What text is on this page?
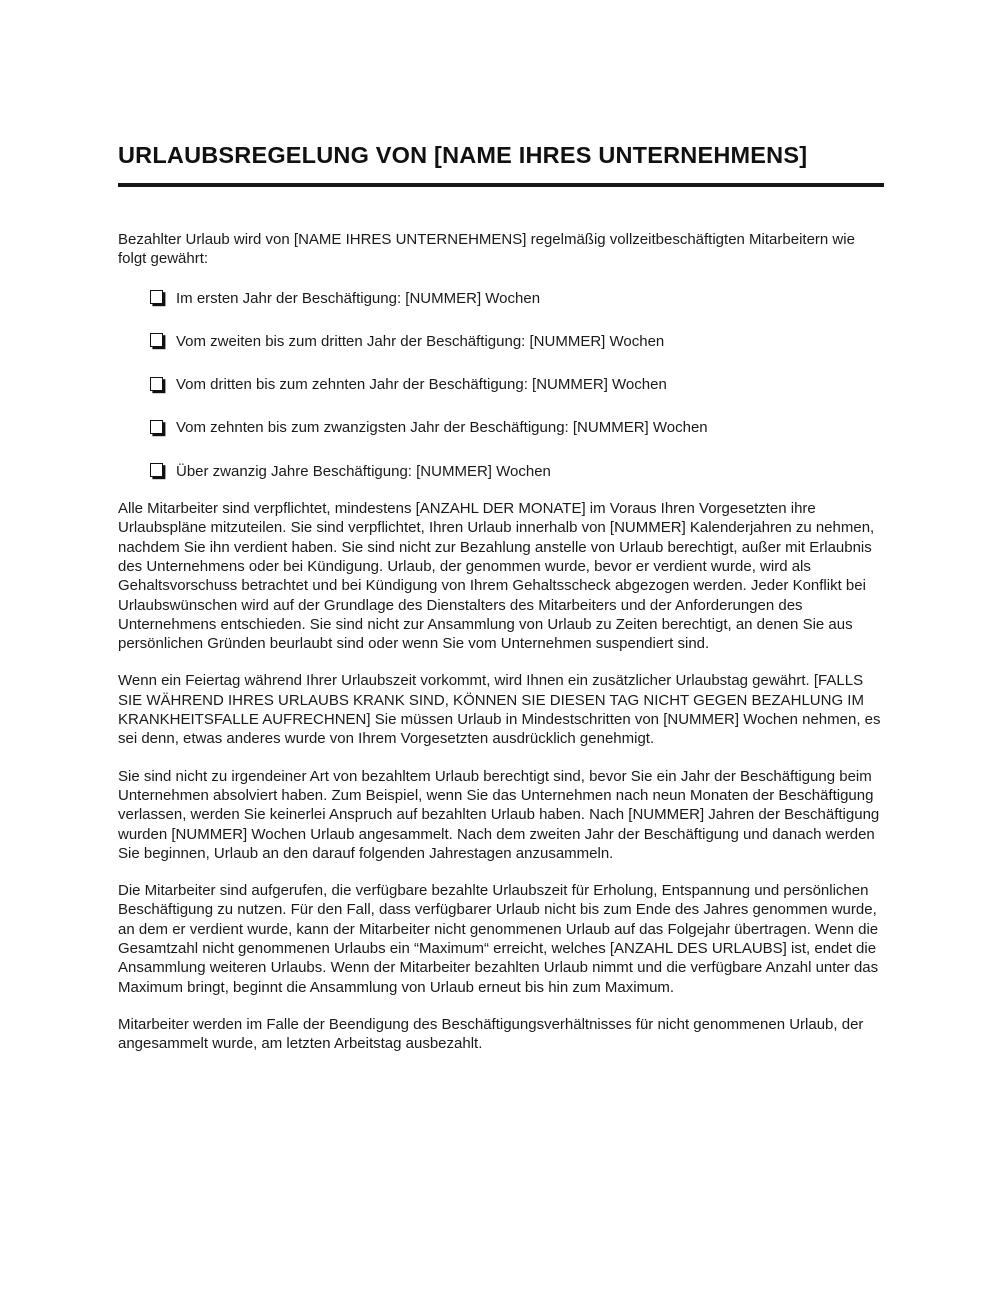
URLAUBSREGELUNG VON [NAME IHRES UNTERNEHMENS]

Bezahlter Urlaub wird von [NAME IHRES UNTERNEHMENS] regelmäßig vollzeitbeschäftigten Mitarbeitern wie folgt gewährt:

Im ersten Jahr der Beschäftigung: [NUMMER] Wochen
Vom zweiten bis zum dritten Jahr der Beschäftigung: [NUMMER] Wochen
Vom dritten bis zum zehnten Jahr der Beschäftigung: [NUMMER] Wochen
Vom zehnten bis zum zwanzigsten Jahr der Beschäftigung: [NUMMER] Wochen
Über zwanzig Jahre Beschäftigung: [NUMMER] Wochen

Alle Mitarbeiter sind verpflichtet, mindestens [ANZAHL DER MONATE] im Voraus Ihren Vorgesetzten ihre Urlaubspläne mitzuteilen. Sie sind verpflichtet, Ihren Urlaub innerhalb von [NUMMER] Kalenderjahren zu nehmen, nachdem Sie ihn verdient haben. Sie sind nicht zur Bezahlung anstelle von Urlaub berechtigt, außer mit Erlaubnis des Unternehmens oder bei Kündigung. Urlaub, der genommen wurde, bevor er verdient wurde, wird als Gehaltsvorschuss betrachtet und bei Kündigung von Ihrem Gehaltsscheck abgezogen werden. Jeder Konflikt bei Urlaubswünschen wird auf der Grundlage des Dienstalters des Mitarbeiters und der Anforderungen des Unternehmens entschieden. Sie sind nicht zur Ansammlung von Urlaub zu Zeiten berechtigt, an denen Sie aus persönlichen Gründen beurlaubt sind oder wenn Sie vom Unternehmen suspendiert sind.

Wenn ein Feiertag während Ihrer Urlaubszeit vorkommt, wird Ihnen ein zusätzlicher Urlaubstag gewährt. [FALLS SIE WÄHREND IHRES URLAUBS KRANK SIND, KÖNNEN SIE DIESEN TAG NICHT GEGEN BEZAHLUNG IM KRANKHEITSFALLE AUFRECHNEN] Sie müssen Urlaub in Mindestschritten von [NUMMER] Wochen nehmen, es sei denn, etwas anderes wurde von Ihrem Vorgesetzten ausdrücklich genehmigt.

Sie sind nicht zu irgendeiner Art von bezahltem Urlaub berechtigt sind, bevor Sie ein Jahr der Beschäftigung beim Unternehmen absolviert haben. Zum Beispiel, wenn Sie das Unternehmen nach neun Monaten der Beschäftigung verlassen, werden Sie keinerlei Anspruch auf bezahlten Urlaub haben. Nach [NUMMER] Jahren der Beschäftigung wurden [NUMMER] Wochen Urlaub angesammelt. Nach dem zweiten Jahr der Beschäftigung und danach werden Sie beginnen, Urlaub an den darauf folgenden Jahrestagen anzusammeln.

Die Mitarbeiter sind aufgerufen, die verfügbare bezahlte Urlaubszeit für Erholung, Entspannung und persönlichen Beschäftigung zu nutzen. Für den Fall, dass verfügbarer Urlaub nicht bis zum Ende des Jahres genommen wurde, an dem er verdient wurde, kann der Mitarbeiter nicht genommenen Urlaub auf das Folgejahr übertragen. Wenn die Gesamtzahl nicht genommenen Urlaubs ein “Maximum“ erreicht, welches [ANZAHL DES URLAUBS] ist, endet die Ansammlung weiteren Urlaubs. Wenn der Mitarbeiter bezahlten Urlaub nimmt und die verfügbare Anzahl unter das Maximum bringt, beginnt die Ansammlung von Urlaub erneut bis hin zum Maximum.

Mitarbeiter werden im Falle der Beendigung des Beschäftigungsverhältnisses für nicht genommenen Urlaub, der angesammelt wurde, am letzten Arbeitstag ausbezahlt.
